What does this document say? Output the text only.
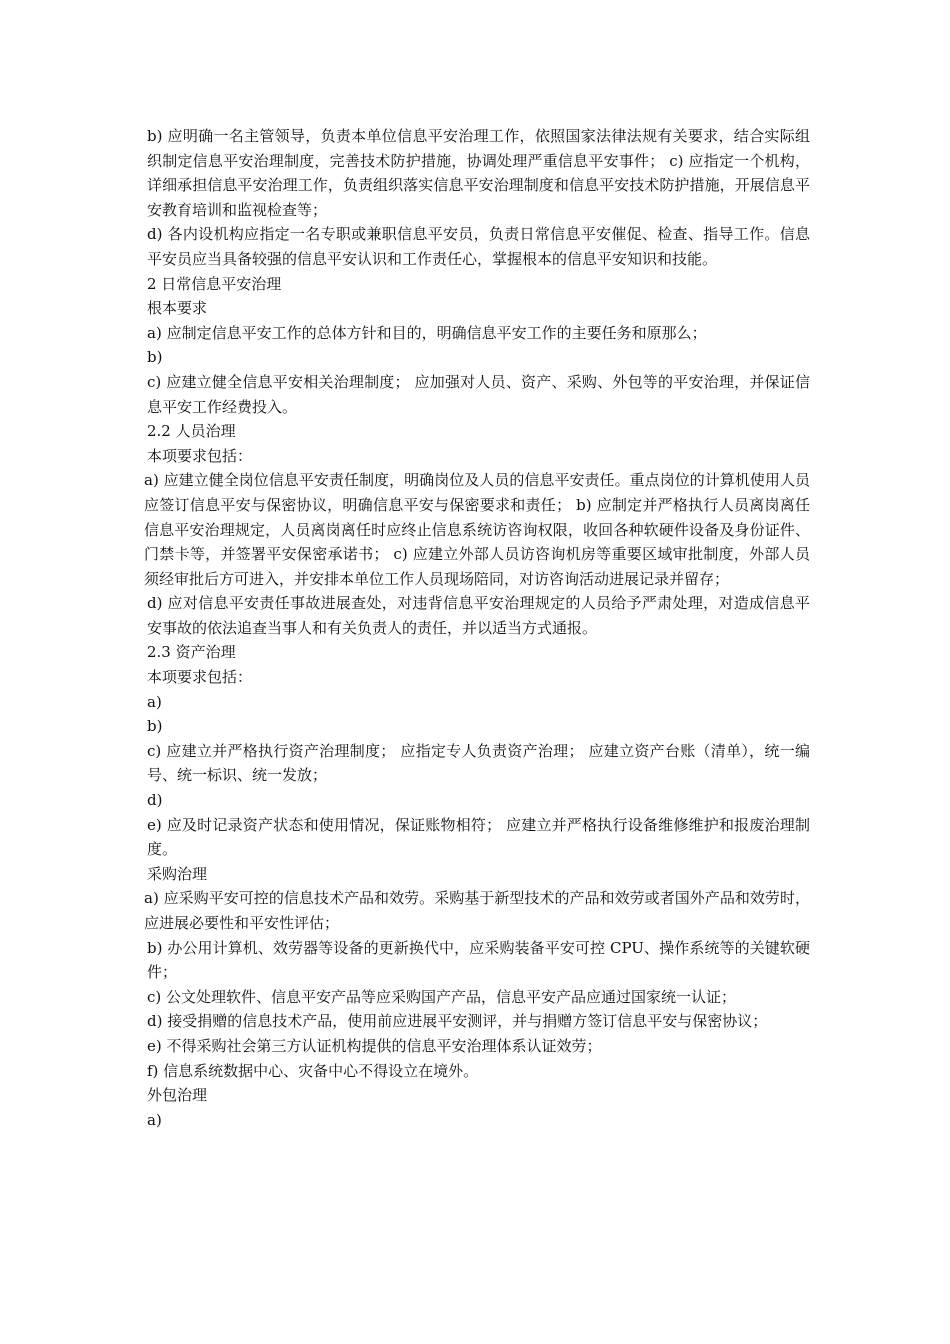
b) 应明确一名主管领导，负责本单位信息平安治理工作，依照国家法律法规有关要求，结合实际组织制定信息平安治理制度，完善技术防护措施，协调处理严重信息平安事件； c) 应指定一个机构，详细承担信息平安治理工作，负责组织落实信息平安治理制度和信息平安技术防护措施，开展信息平安教育培训和监视检查等；

d) 各内设机构应指定一名专职或兼职信息平安员，负责日常信息平安催促、检查、指导工作。信息平安员应当具备较强的信息平安认识和工作责任心，掌握根本的信息平安知识和技能。

2 日常信息平安治理

根本要求

a) 应制定信息平安工作的总体方针和目的，明确信息平安工作的主要任务和原那么；

b)

c) 应建立健全信息平安相关治理制度； 应加强对人员、资产、采购、外包等的平安治理，并保证信息平安工作经费投入。

2.2 人员治理

本项要求包括：

a) 应建立健全岗位信息平安责任制度，明确岗位及人员的信息平安责任。重点岗位的计算机使用人员应签订信息平安与保密协议，明确信息平安与保密要求和责任； b) 应制定并严格执行人员离岗离任信息平安治理规定，人员离岗离任时应终止信息系统访咨询权限，收回各种软硬件设备及身份证件、门禁卡等，并签署平安保密承诺书； c) 应建立外部人员访咨询机房等重要区域审批制度，外部人员须经审批后方可进入，并安排本单位工作人员现场陪同，对访咨询活动进展记录并留存；

d) 应对信息平安责任事故进展查处，对违背信息平安治理规定的人员给予严肃处理，对造成信息平安事故的依法追查当事人和有关负责人的责任，并以适当方式通报。

2.3 资产治理

本项要求包括：

a)

b)

c) 应建立并严格执行资产治理制度； 应指定专人负责资产治理； 应建立资产台账（清单），统一编号、统一标识、统一发放；

d)

e) 应及时记录资产状态和使用情况，保证账物相符； 应建立并严格执行设备维修维护和报废治理制度。

采购治理

a) 应采购平安可控的信息技术产品和效劳。采购基于新型技术的产品和效劳或者国外产品和效劳时，应进展必要性和平安性评估；

b) 办公用计算机、效劳器等设备的更新换代中，应采购装备平安可控 CPU、操作系统等的关键软硬件；

c) 公文处理软件、信息平安产品等应采购国产产品，信息平安产品应通过国家统一认证；

d) 接受捐赠的信息技术产品，使用前应进展平安测评，并与捐赠方签订信息平安与保密协议；

e) 不得采购社会第三方认证机构提供的信息平安治理体系认证效劳；

f) 信息系统数据中心、灾备中心不得设立在境外。

外包治理

a)
